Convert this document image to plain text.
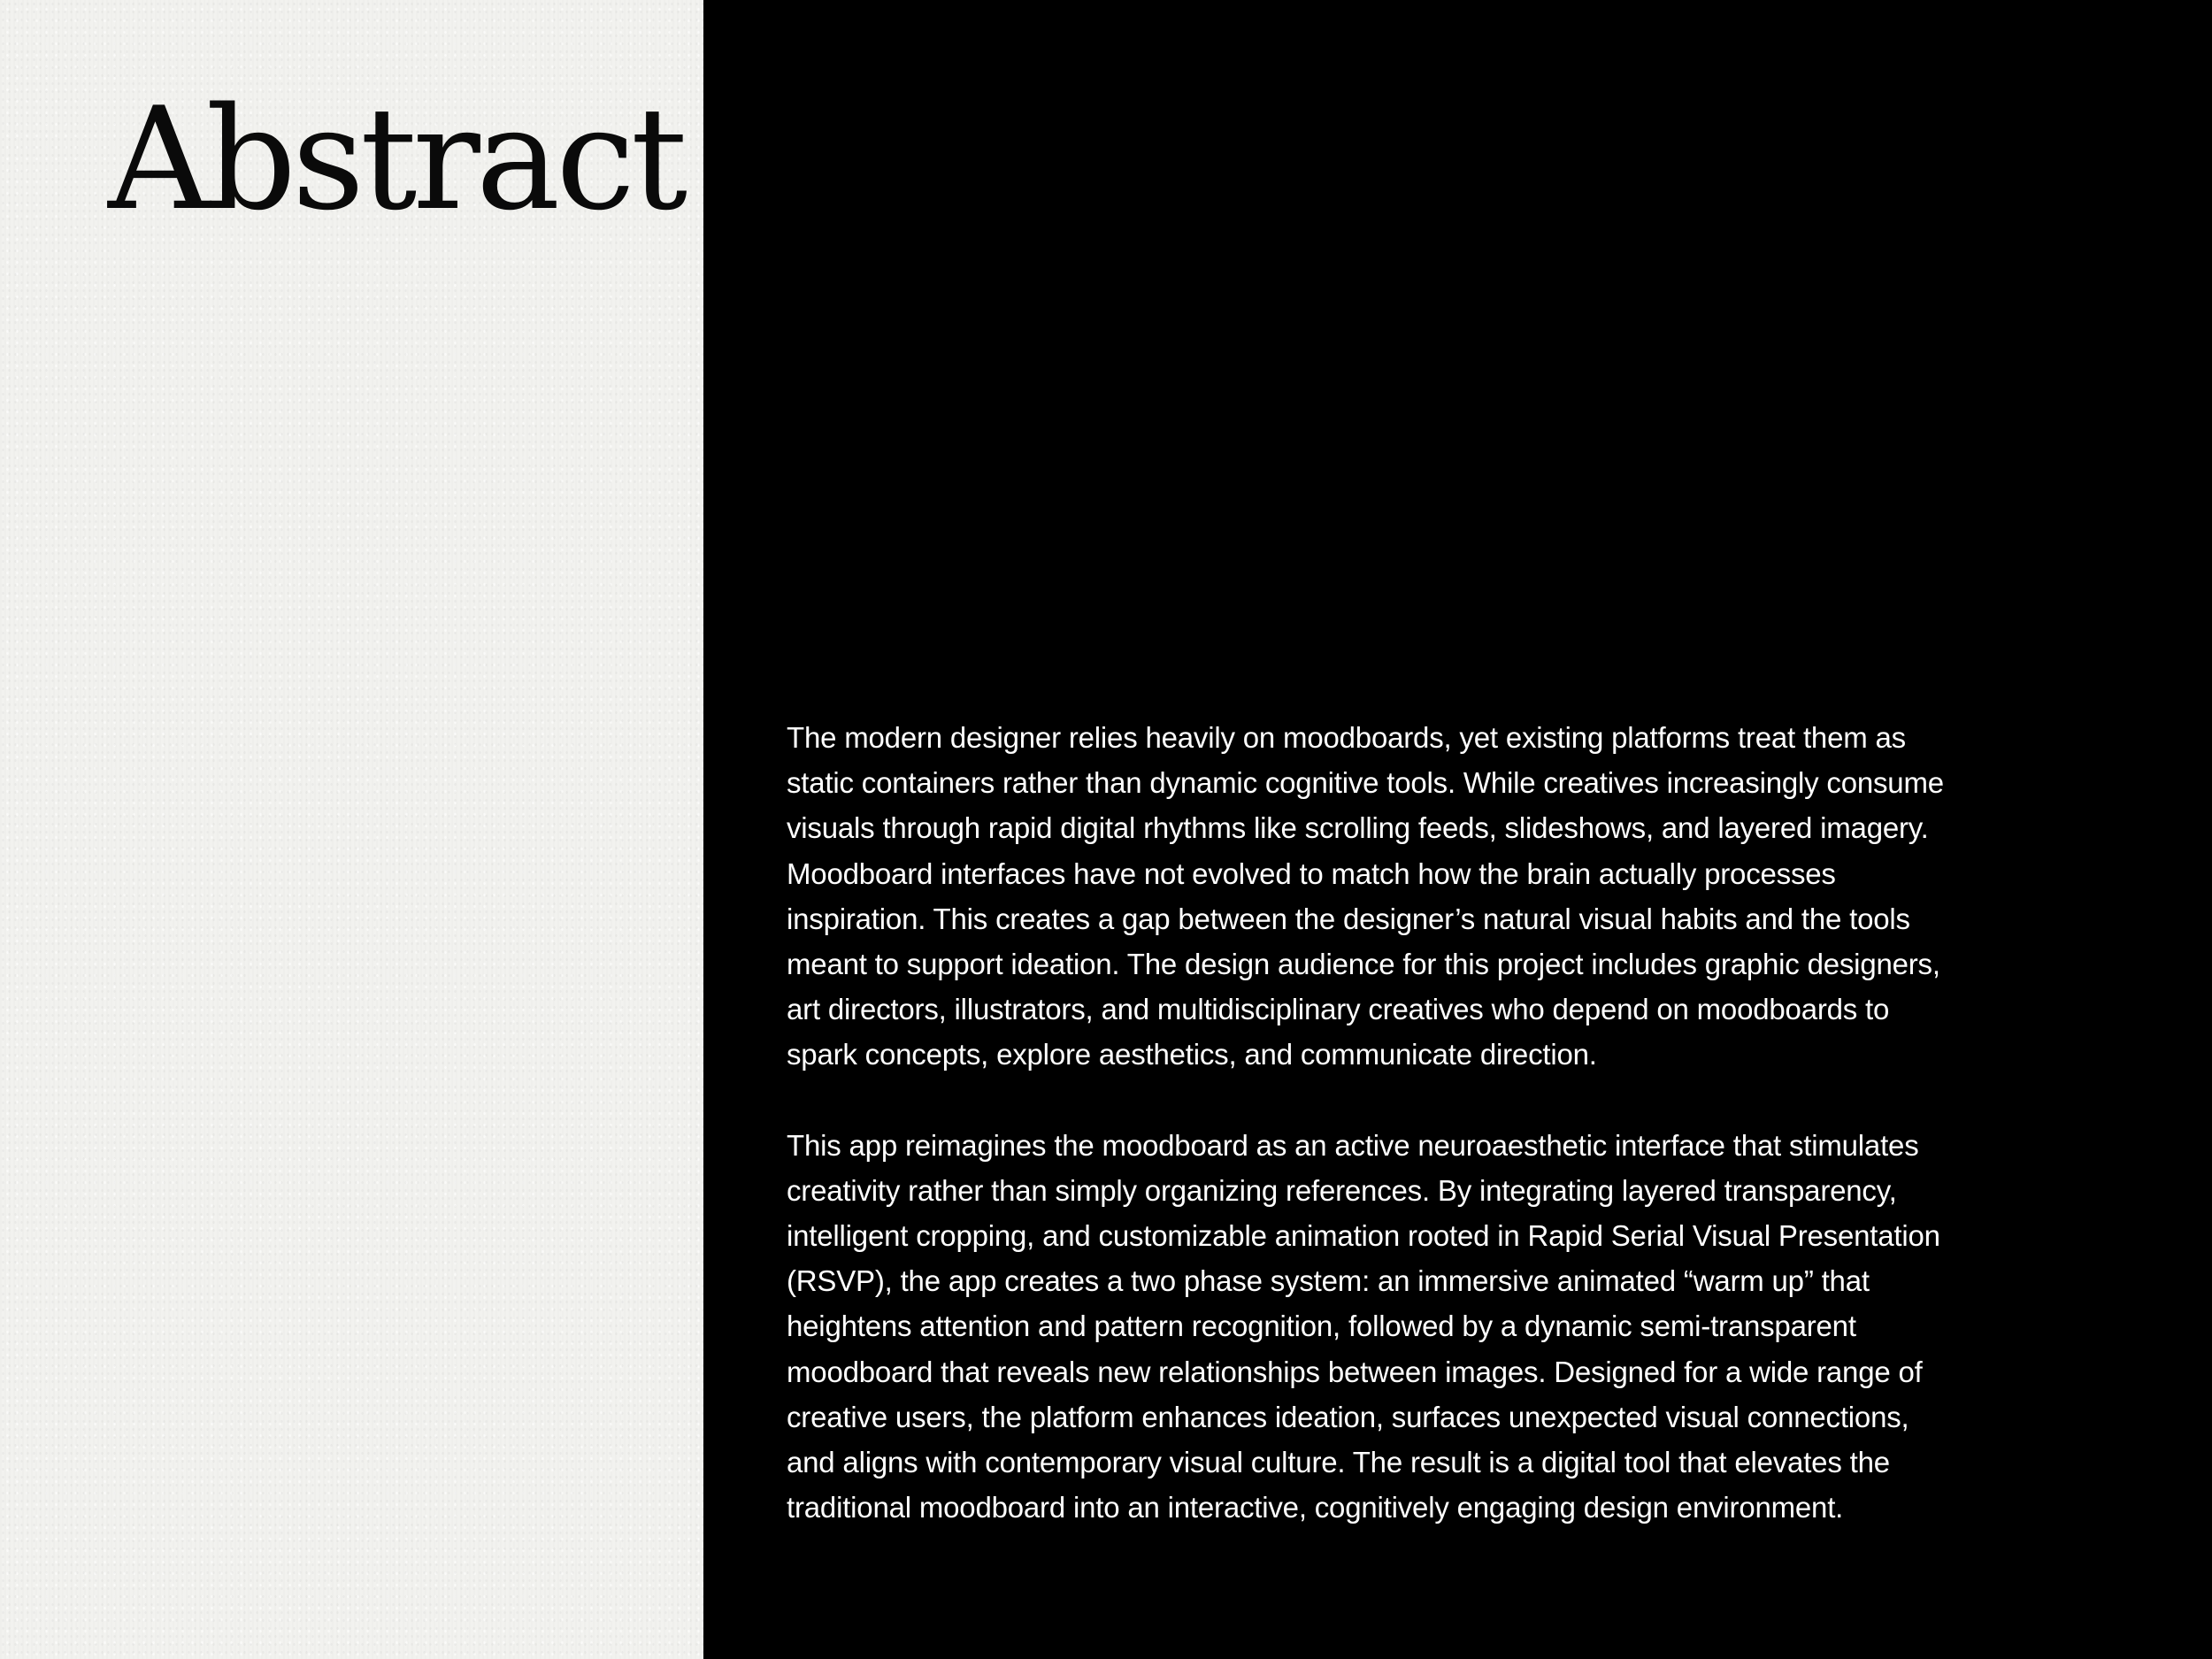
Abstract

The modern designer relies heavily on moodboards, yet existing platforms treat them as
static containers rather than dynamic cognitive tools. While creatives increasingly consume
visuals through rapid digital rhythms like scrolling feeds, slideshows, and layered imagery.
Moodboard interfaces have not evolved to match how the brain actually processes
inspiration. This creates a gap between the designer’s natural visual habits and the tools
meant to support ideation. The design audience for this project includes graphic designers,
art directors, illustrators, and multidisciplinary creatives who depend on moodboards to
spark concepts, explore aesthetics, and communicate direction.

This app reimagines the moodboard as an active neuroaesthetic interface that stimulates
creativity rather than simply organizing references. By integrating layered transparency,
intelligent cropping, and customizable animation rooted in Rapid Serial Visual Presentation
(RSVP), the app creates a two phase system: an immersive animated “warm up” that
heightens attention and pattern recognition, followed by a dynamic semi-transparent
moodboard that reveals new relationships between images. Designed for a wide range of
creative users, the platform enhances ideation, surfaces unexpected visual connections,
and aligns with contemporary visual culture. The result is a digital tool that elevates the
traditional moodboard into an interactive, cognitively engaging design environment.
